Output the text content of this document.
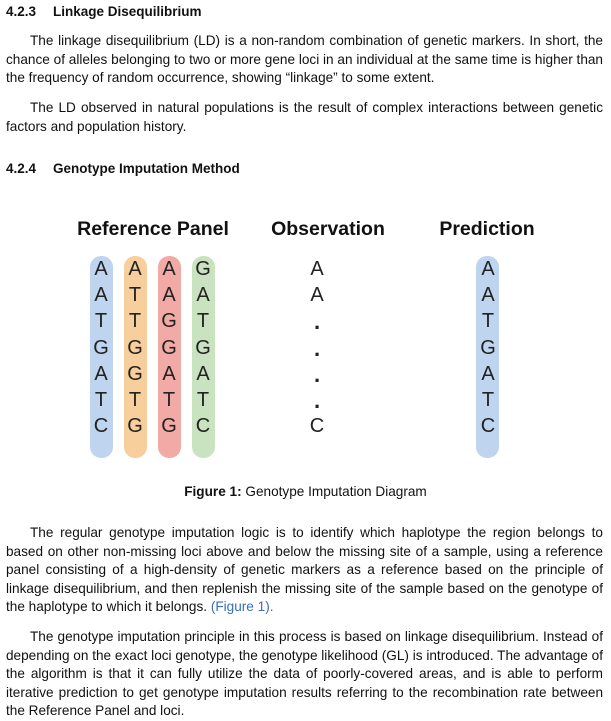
4.2.3 Linkage Disequilibrium

The linkage disequilibrium (LD) is a non-random combination of genetic markers. In short, the chance of alleles belonging to two or more gene loci in an individual at the same time is higher than the frequency of random occurrence, showing “linkage” to some extent.

The LD observed in natural populations is the result of complex interactions between genetic factors and population history.

4.2.4 Genotype Imputation Method
Reference Panel Observation	Prediction
A
A
T
G
A
T
C
A
T
T
G
G
T
G
A
A
G
G
A
T
G
G
A
T
G
A
T
C
A
A
.
.
.
.
C
A
A
T
G
A
T
C
Figure 1: Genotype Imputation Diagram

The regular genotype imputation logic is to identify which haplotype the region belongs to based on other non-missing loci above and below the missing site of a sample, using a reference panel consisting of a high-density of genetic markers as a reference based on the principle of linkage disequilibrium, and then replenish the missing site of the sample based on the genotype of the haplotype to which it belongs. (Figure 1).

The genotype imputation principle in this process is based on linkage disequilibrium. Instead of depending on the exact loci genotype, the genotype likelihood (GL) is introduced. The advantage of the algorithm is that it can fully utilize the data of poorly-covered areas, and is able to perform iterative prediction to get genotype imputation results referring to the recombination rate between the Reference Panel and loci.
